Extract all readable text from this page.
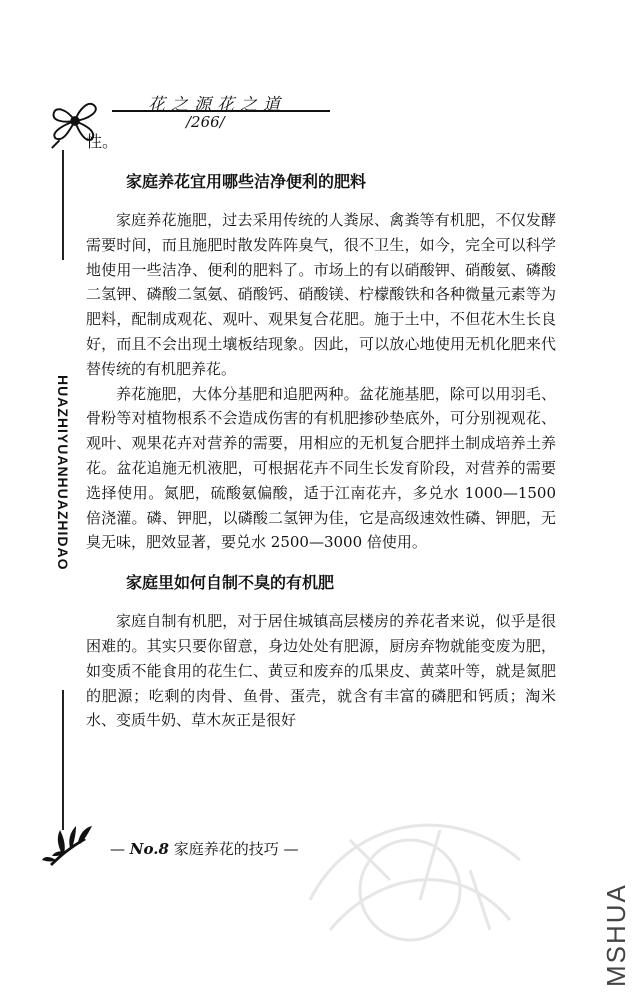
花之源花之道
/266/
HUAZHIYUANHUAZHIDAO

性。

家庭养花宜用哪些洁净便利的肥料

家庭养花施肥，过去采用传统的人粪尿、禽粪等有机肥，不仅发酵需要时间，而且施肥时散发阵阵臭气，很不卫生，如今，完全可以科学地使用一些洁净、便利的肥料了。市场上的有以硝酸钾、硝酸氨、磷酸二氢钾、磷酸二氢氨、硝酸钙、硝酸镁、柠檬酸铁和各种微量元素等为肥料，配制成观花、观叶、观果复合花肥。施于土中，不但花木生长良好，而且不会出现土壤板结现象。因此，可以放心地使用无机化肥来代替传统的有机肥养花。

养花施肥，大体分基肥和追肥两种。盆花施基肥，除可以用羽毛、骨粉等对植物根系不会造成伤害的有机肥掺砂垫底外，可分别视观花、观叶、观果花卉对营养的需要，用相应的无机复合肥拌土制成培养土养花。盆花追施无机液肥，可根据花卉不同生长发育阶段，对营养的需要选择使用。氮肥，硫酸氨偏酸，适于江南花卉，多兑水 1000—1500 倍浇灌。磷、钾肥，以磷酸二氢钾为佳，它是高级速效性磷、钾肥，无臭无味，肥效显著，要兑水 2500—3000 倍使用。

家庭里如何自制不臭的有机肥

家庭自制有机肥，对于居住城镇高层楼房的养花者来说，似乎是很困难的。其实只要你留意，身边处处有肥源，厨房弃物就能变废为肥，如变质不能食用的花生仁、黄豆和废弃的瓜果皮、黄菜叶等，就是氮肥的肥源；吃剩的肉骨、鱼骨、蛋壳，就含有丰富的磷肥和钙质；淘米水、变质牛奶、草木灰正是很好

— No.8 家庭养花的技巧 —
MSHUA
